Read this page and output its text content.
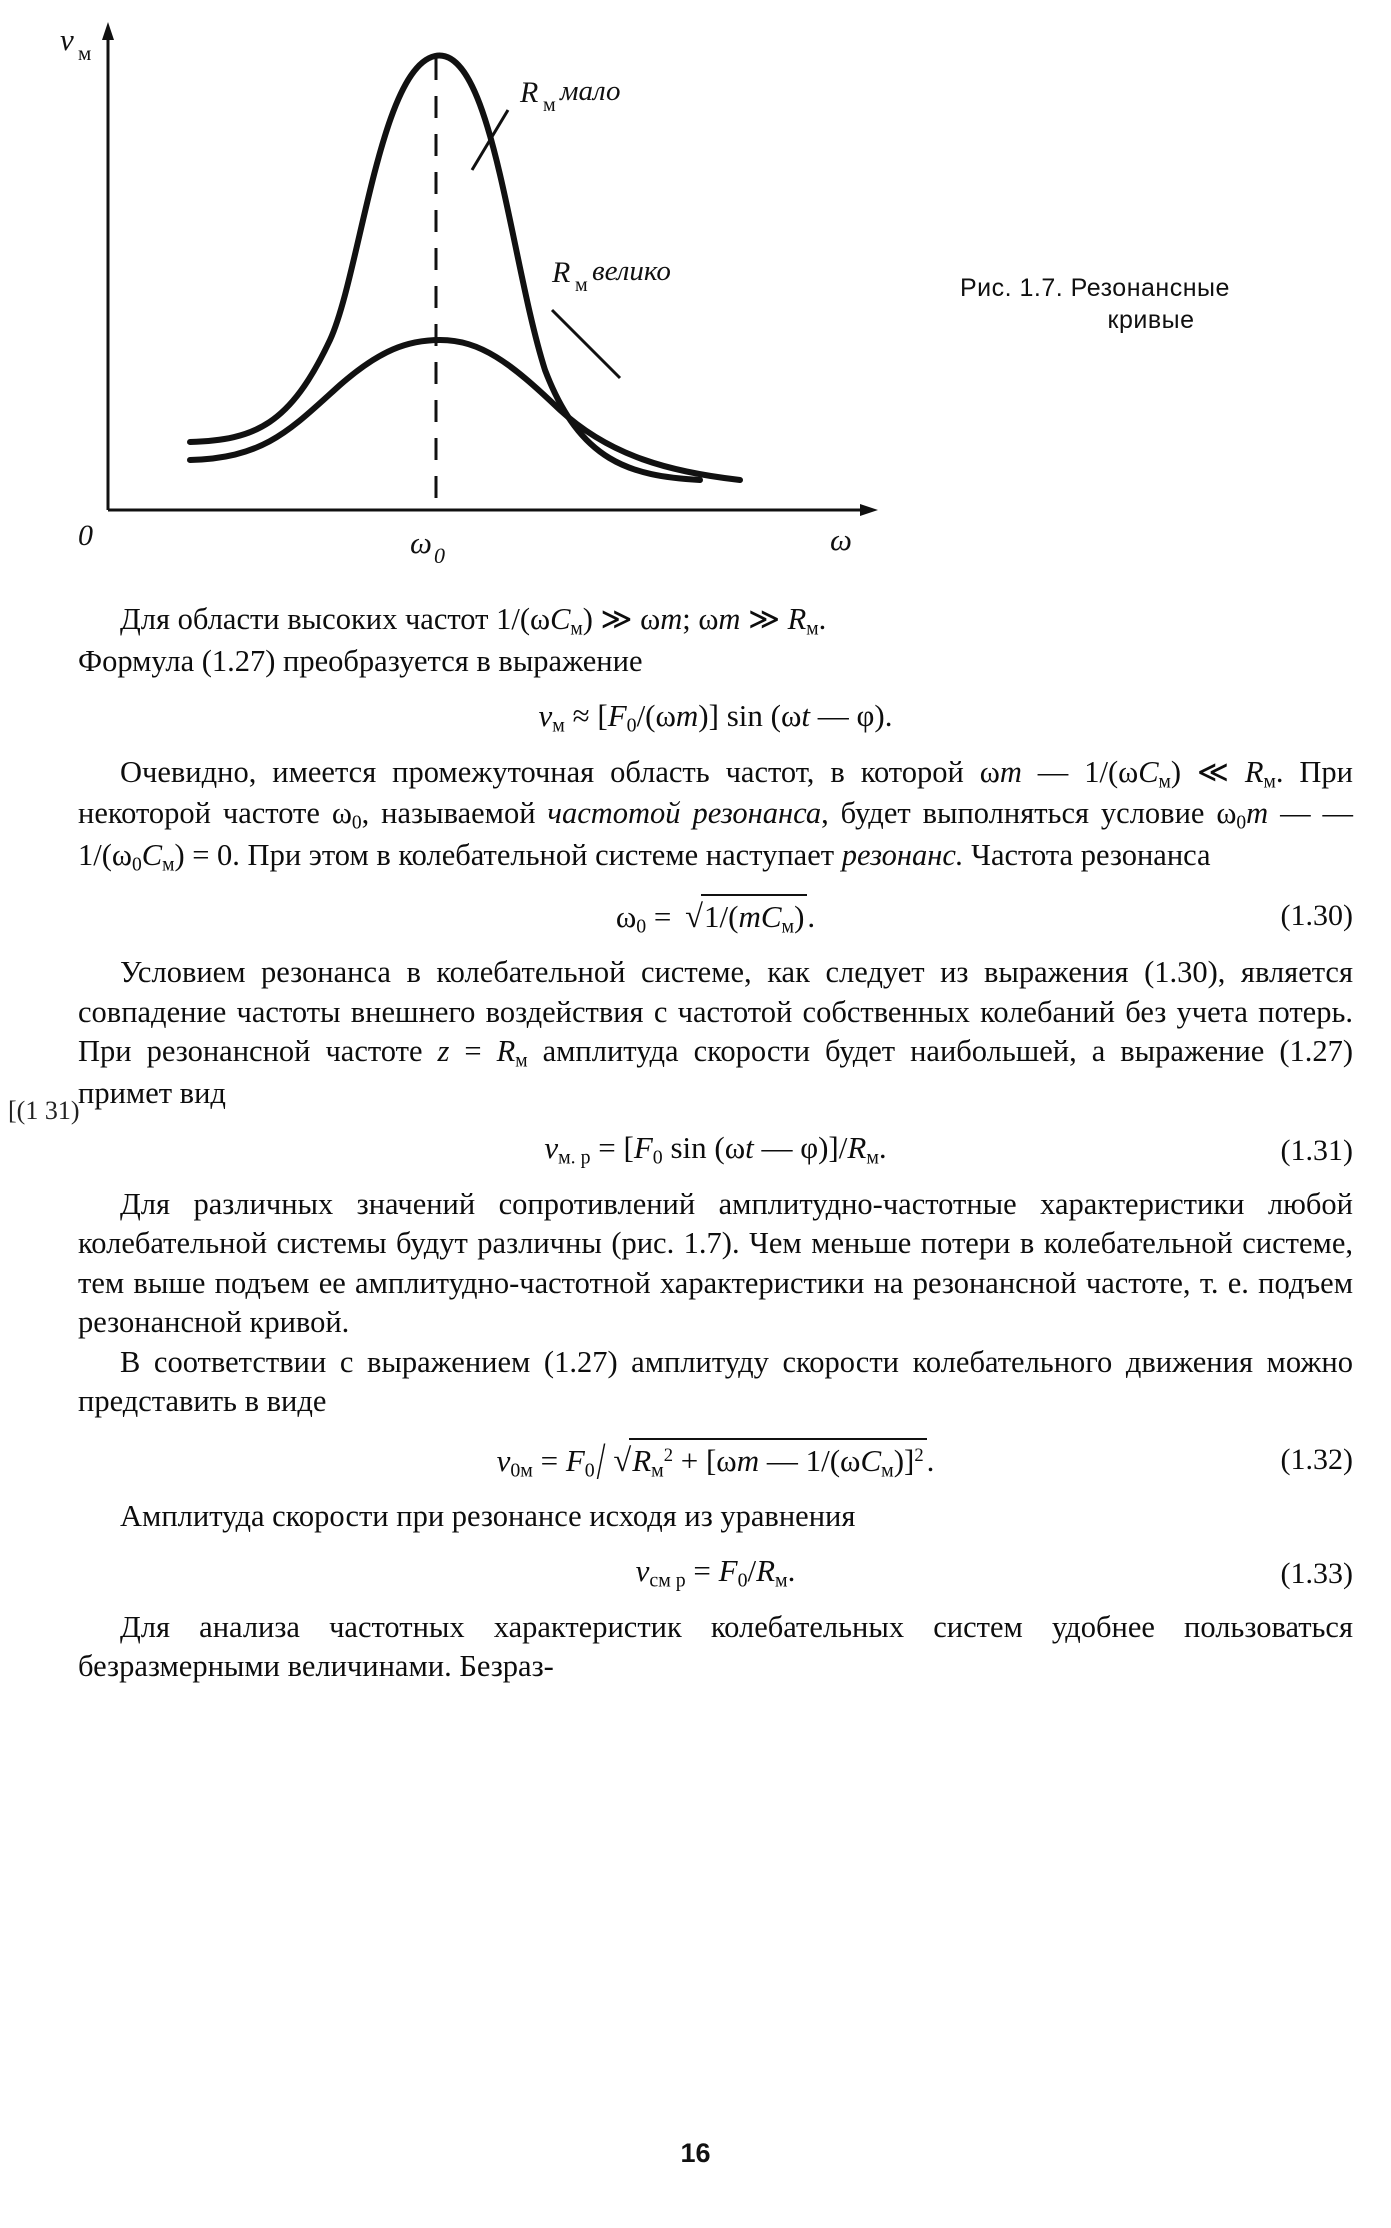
R м мало
R м велико
v м
0	ω 0	ω
Рис. 1.7. Резонансные
кривые

Для области высоких частот $1/(\omega C_м)$ ≫ ωm; ωm ≫ $R_м$.
Формула (1.27) преобразуется в выражение

$v_м \approx [F_0/(\omega m)]$ sin (ωt — φ).

Очевидно, имеется промежуточная область частот, в которой ωm — $1/(\omega C_м)$ ≪ $R_м$. При некоторой частоте $\omega_0$, называемой частотой резонанса, будет выполняться условие $\omega_0m$ — — $1/(\omega_0C_м) = 0$. При этом в колебательной системе наступает резонанс. Частота резонанса

$\omega_0 = √1/(mC_м)$.	(1.30)

Условием резонанса в колебательной системе, как следует из выражения (1.30), является совпадение частоты внешнего воздействия с частотой собственных колебаний без учета потерь. При резонансной частоте $z = R_м$ амплитуда скорости будет наибольшей, а выражение (1.27) примет вид

$v_{м. р} = [F_0$ sin (ωt — $\varphi)]/R_м$.	(1.31)

Для различных значений сопротивлений амплитудно-частотные характеристики любой колебательной системы будут различны (рис. 1.7). Чем меньше потери в колебательной системе, тем выше подъем ее амплитудно-частотной характеристики на резонансной частоте, т. е. подъем резонансной кривой.

В соответствии с выражением (1.27) амплитуду скорости колебательного движения можно представить в виде

$v_{0м} = F_0/$ $√R_м^2 + [\omega m$ — $1/(\omega C_м)]^2$.	(1.32)

Амплитуда скорости при резонансе исходя из уравнения

$v_{см р} = F_0/R_м$.	(1.33)

Для анализа частотных характеристик колебательных систем удобнее пользоваться безразмерными величинами. Безраз-

[(1 31)
16
